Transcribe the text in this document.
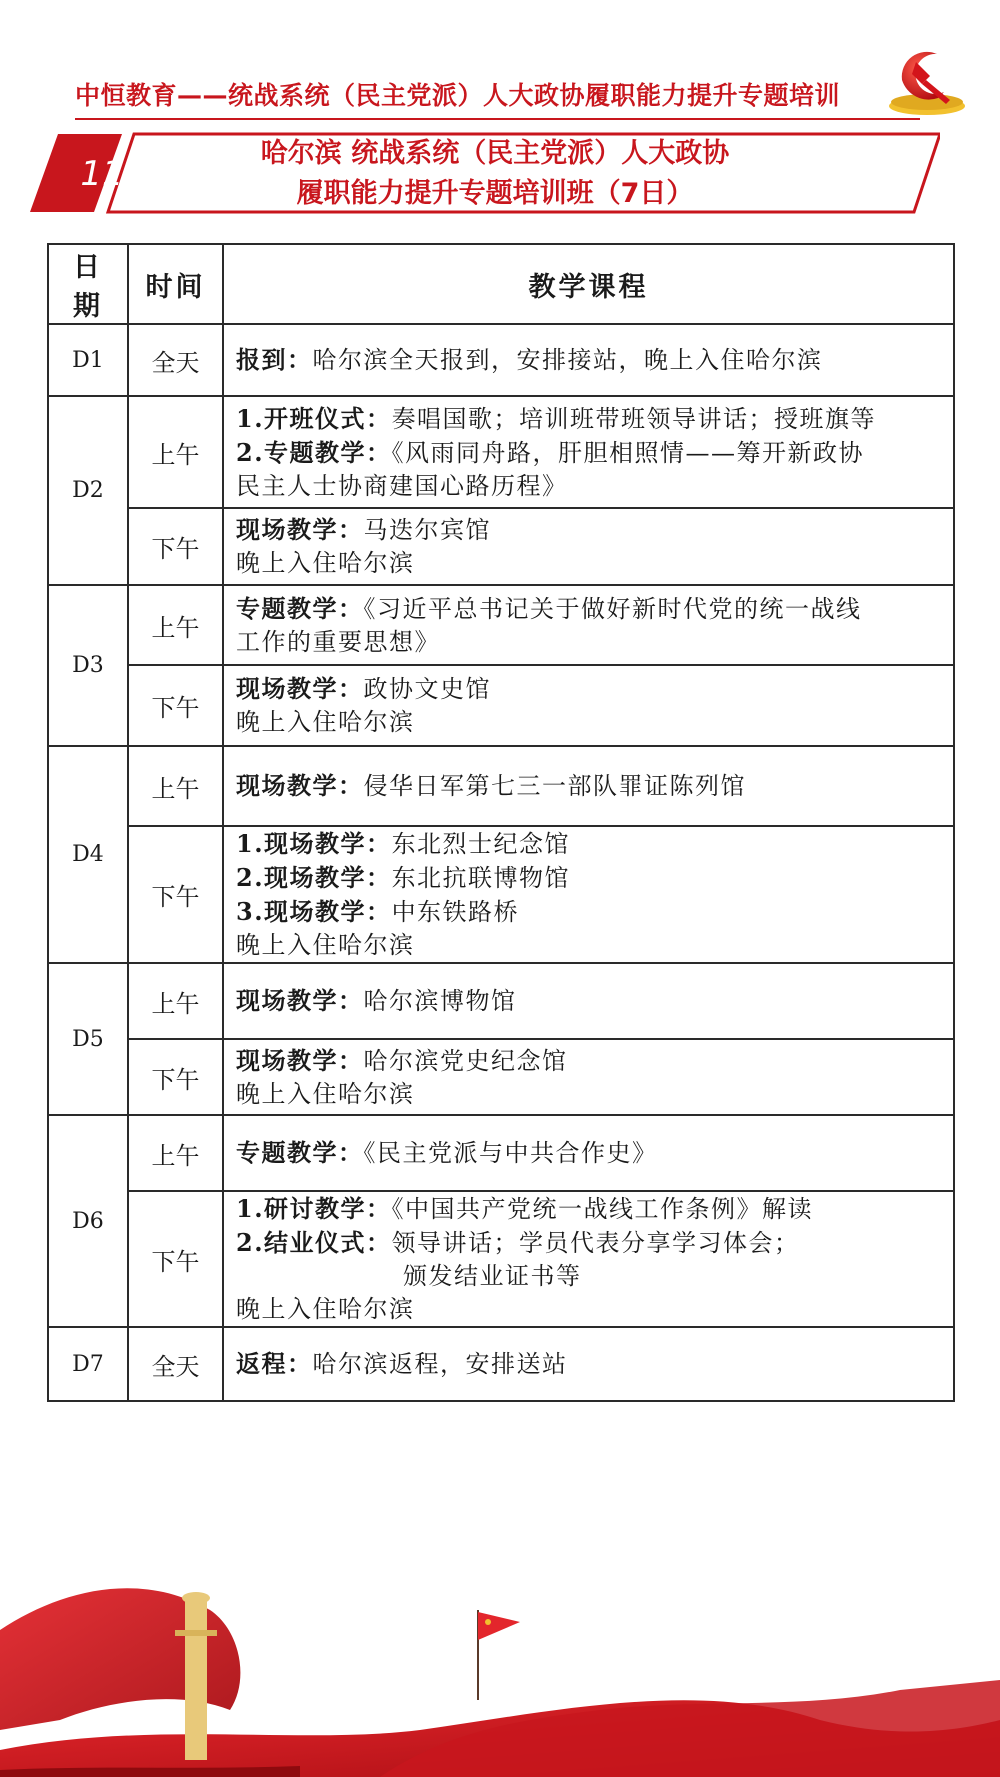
中恒教育——统战系统（民主党派）人大政协履职能力提升专题培训
11
哈尔滨 统战系统（民主党派）人大政协
履职能力提升专题培训班（7日）
日期	时间	教学课程
D1	全天	报到：哈尔滨全天报到，安排接站，晚上入住哈尔滨

D2	上午	1.开班仪式：奏唱国歌；培训班带班领导讲话；授班旗等
2.专题教学：《风雨同舟路，肝胆相照情——筹开新政协
民主人士协商建国心路历程》

	下午	现场教学：马迭尔宾馆
晚上入住哈尔滨

D3	上午	专题教学：《习近平总书记关于做好新时代党的统一战线
工作的重要思想》

	下午	现场教学：政协文史馆
晚上入住哈尔滨

D4	上午	现场教学：侵华日军第七三一部队罪证陈列馆

	下午	1.现场教学：东北烈士纪念馆
2.现场教学：东北抗联博物馆
3.现场教学：中东铁路桥
晚上入住哈尔滨

D5	上午	现场教学：哈尔滨博物馆

	下午	现场教学：哈尔滨党史纪念馆
晚上入住哈尔滨

D6	上午	专题教学：《民主党派与中共合作史》

	下午	1.研讨教学：《中国共产党统一战线工作条例》解读
2.结业仪式：领导讲话；学员代表分享学习体会；
颁发结业证书等
晚上入住哈尔滨

D7	全天	返程：哈尔滨返程，安排送站
